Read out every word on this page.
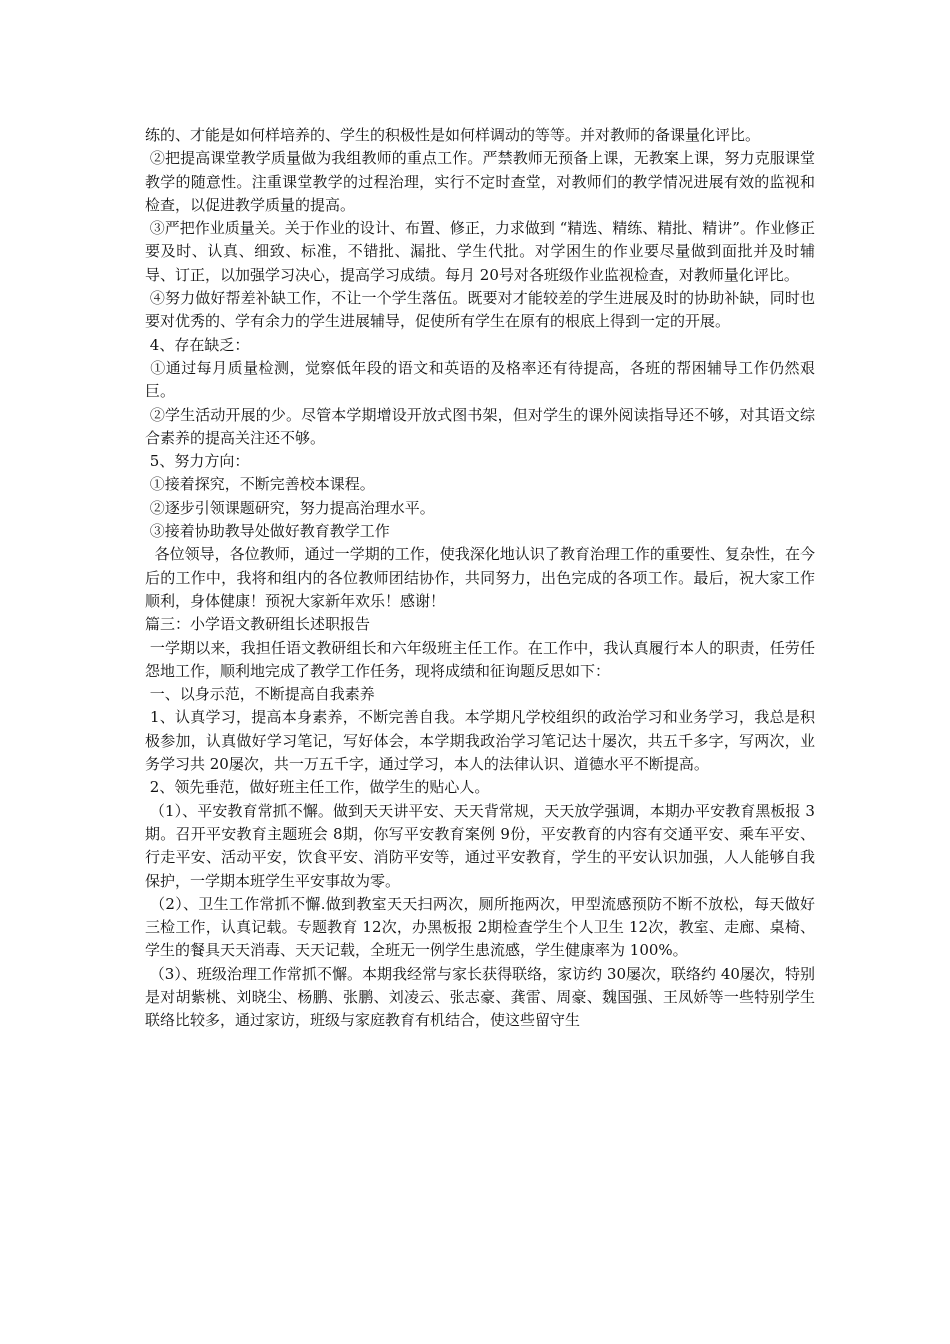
练的、才能是如何样培养的、学生的积极性是如何样调动的等等。并对教师的备课量化评比。

②把提高课堂教学质量做为我组教师的重点工作。严禁教师无预备上课，无教案上课，努力克服课堂教学的随意性。注重课堂教学的过程治理，实行不定时查堂，对教师们的教学情况进展有效的监视和检查，以促进教学质量的提高。

③严把作业质量关。关于作业的设计、布置、修正，力求做到 “精选、精练、精批、精讲”。作业修正要及时、认真、细致、标准，不错批、漏批、学生代批。对学困生的作业要尽量做到面批并及时辅导、订正，以加强学习决心，提高学习成绩。每月 20号对各班级作业监视检查，对教师量化评比。

④努力做好帮差补缺工作，不让一个学生落伍。既要对才能较差的学生进展及时的协助补缺，同时也要对优秀的、学有余力的学生进展辅导，促使所有学生在原有的根底上得到一定的开展。

4、存在缺乏：

①通过每月质量检测，觉察低年段的语文和英语的及格率还有待提高，各班的帮困辅导工作仍然艰巨。

②学生活动开展的少。尽管本学期增设开放式图书架，但对学生的课外阅读指导还不够，对其语文综合素养的提高关注还不够。

5、努力方向：

①接着探究，不断完善校本课程。

②逐步引领课题研究，努力提高治理水平。

③接着协助教导处做好教育教学工作

各位领导，各位教师，通过一学期的工作，使我深化地认识了教育治理工作的重要性、复杂性，在今后的工作中，我将和组内的各位教师团结协作，共同努力，出色完成的各项工作。最后，祝大家工作顺利，身体健康！预祝大家新年欢乐！感谢！

篇三：小学语文教研组长述职报告

一学期以来，我担任语文教研组长和六年级班主任工作。在工作中，我认真履行本人的职责，任劳任怨地工作，顺利地完成了教学工作任务，现将成绩和征询题反思如下：

一、以身示范，不断提高自我素养

1、认真学习，提高本身素养，不断完善自我。本学期凡学校组织的政治学习和业务学习，我总是积极参加，认真做好学习笔记，写好体会，本学期我政治学习笔记达十屡次，共五千多字，写两次，业务学习共 20屡次，共一万五千字，通过学习，本人的法律认识、道德水平不断提高。

2、领先垂范，做好班主任工作，做学生的贴心人。

（1）、平安教育常抓不懈。做到天天讲平安、天天背常规，天天放学强调，本期办平安教育黑板报 3期。召开平安教育主题班会 8期，你写平安教育案例 9份，平安教育的内容有交通平安、乘车平安、行走平安、活动平安，饮食平安、消防平安等，通过平安教育，学生的平安认识加强，人人能够自我保护，一学期本班学生平安事故为零。

（2）、卫生工作常抓不懈.做到教室天天扫两次，厕所拖两次，甲型流感预防不断不放松，每天做好三检工作，认真记载。专题教育 12次，办黑板报 2期检查学生个人卫生 12次，教室、走廊、桌椅、学生的餐具天天消毒、天天记载，全班无一例学生患流感，学生健康率为 100%。

（3）、班级治理工作常抓不懈。本期我经常与家长获得联络，家访约 30屡次，联络约 40屡次，特别是对胡紫桃、刘晓尘、杨鹏、张鹏、刘凌云、张志豪、龚雷、周豪、魏国强、王凤娇等一些特别学生联络比较多，通过家访，班级与家庭教育有机结合，使这些留守生
